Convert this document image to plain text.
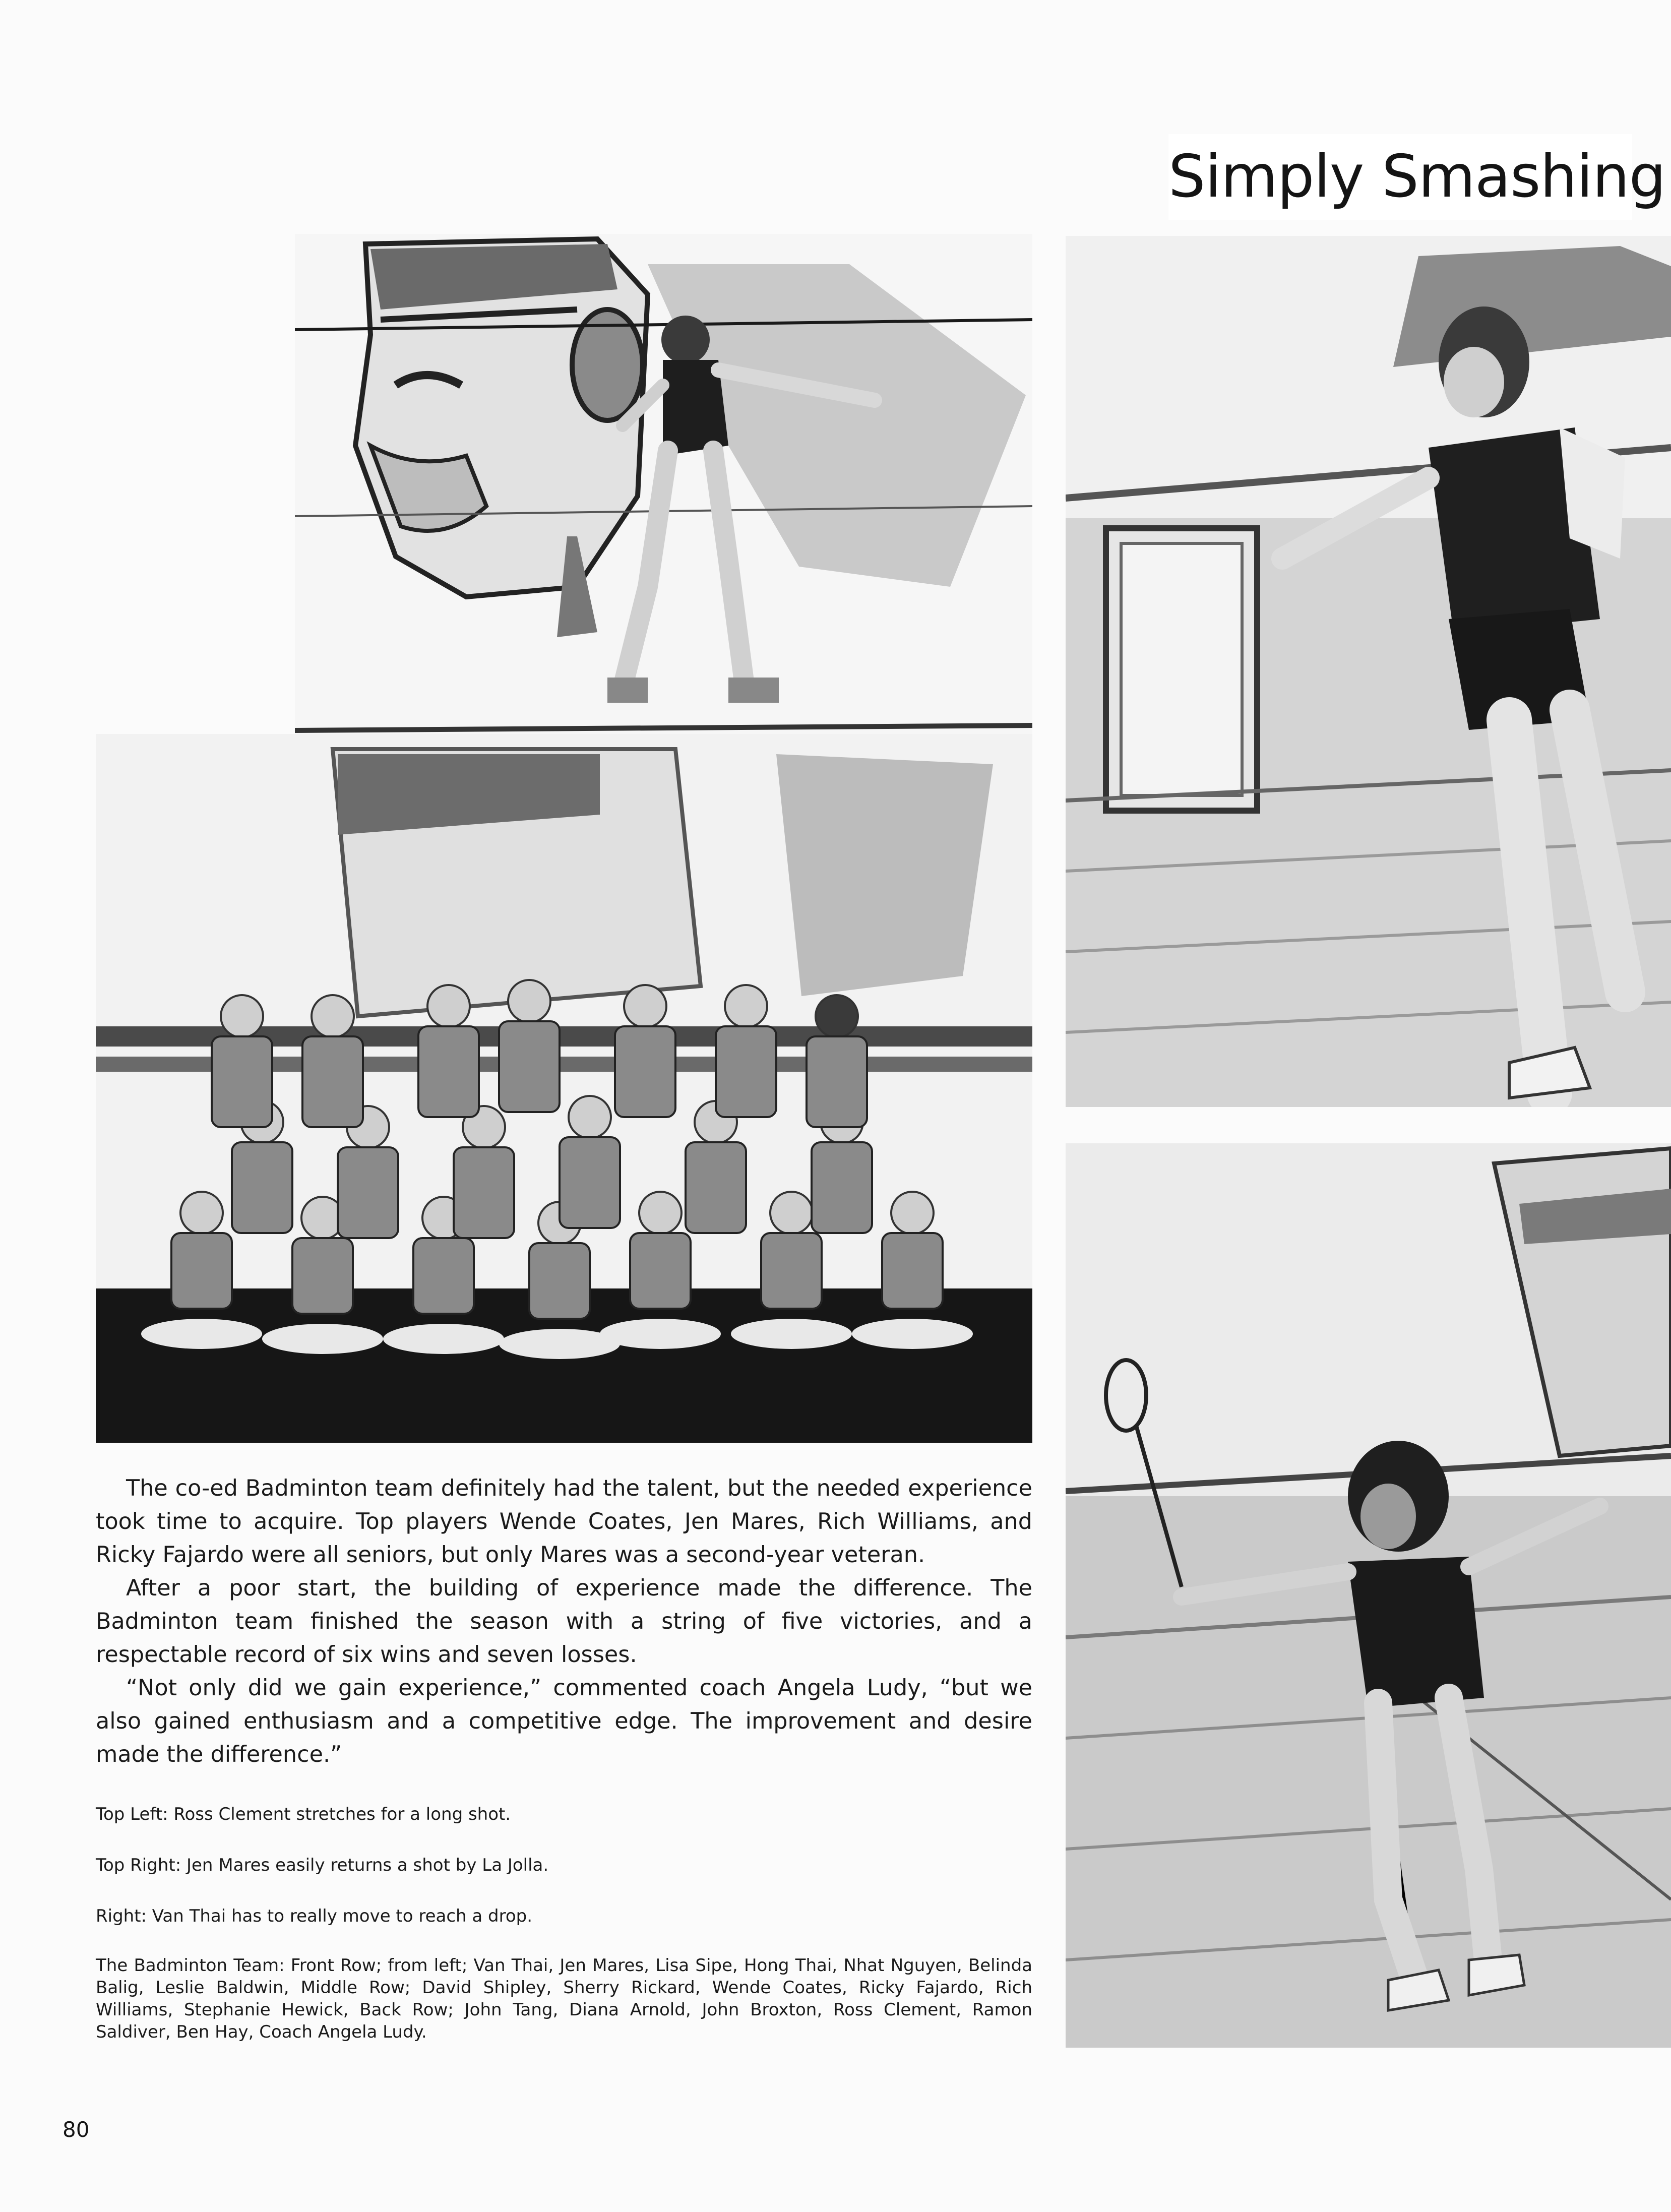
Simply Smashing

The co-ed Badminton team definitely had the talent, but the needed experience took time to acquire. Top players Wende Coates, Jen Mares, Rich Williams, and Ricky Fajardo were all seniors, but only Mares was a second-year veteran.

After a poor start, the building of experience made the difference. The Badminton team finished the season with a string of five victories, and a respectable record of six wins and seven losses.

“Not only did we gain experience,” commented coach Angela Ludy, “but we also gained enthusiasm and a competitive edge. The improvement and desire made the difference.”

Top Left: Ross Clement stretches for a long shot.
Top Right: Jen Mares easily returns a shot by La Jolla.
Right: Van Thai has to really move to reach a drop.
The Badminton Team: Front Row; from left; Van Thai, Jen Mares, Lisa Sipe, Hong Thai, Nhat Nguyen, Belinda Balig, Leslie Baldwin, Middle Row; David Shipley, Sherry Rickard, Wende Coates, Ricky Fajardo, Rich Williams, Stephanie Hewick, Back Row; John Tang, Diana Arnold, John Broxton, Ross Clement, Ramon Saldiver, Ben Hay, Coach Angela Ludy.
80
